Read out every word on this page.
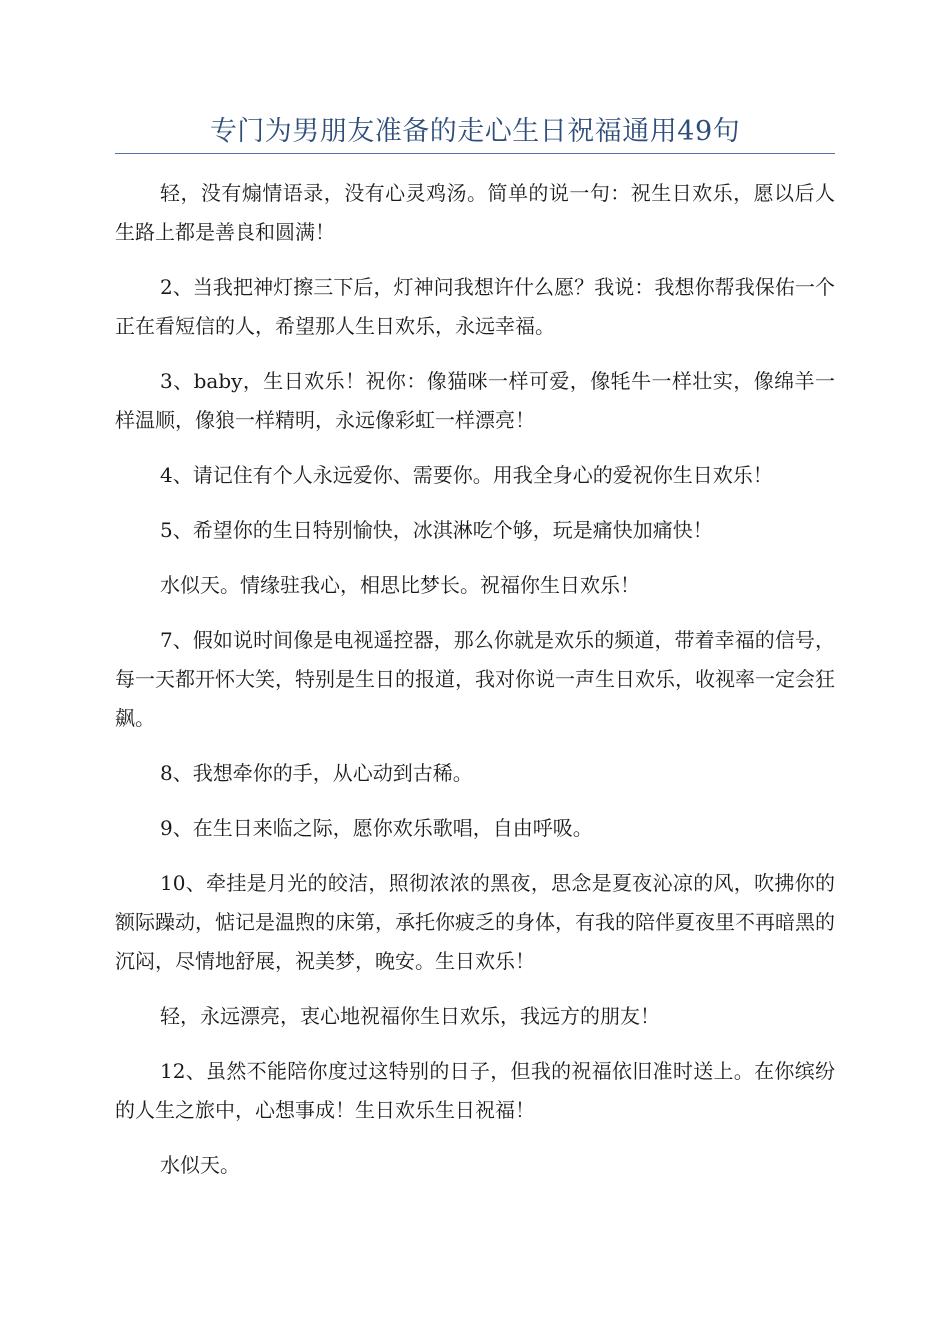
专门为男朋友准备的走心生日祝福通用49句

轻，没有煽情语录，没有心灵鸡汤。简单的说一句：祝生日欢乐，愿以后人生路上都是善良和圆满！

2、当我把神灯擦三下后，灯神问我想许什么愿？我说：我想你帮我保佑一个正在看短信的人，希望那人生日欢乐，永远幸福。

3、baby，生日欢乐！祝你：像猫咪一样可爱，像牦牛一样壮实，像绵羊一样温顺，像狼一样精明，永远像彩虹一样漂亮！

4、请记住有个人永远爱你、需要你。用我全身心的爱祝你生日欢乐！

5、希望你的生日特别愉快，冰淇淋吃个够，玩是痛快加痛快！

水似天。情缘驻我心，相思比梦长。祝福你生日欢乐！

7、假如说时间像是电视遥控器，那么你就是欢乐的频道，带着幸福的信号，每一天都开怀大笑，特别是生日的报道，我对你说一声生日欢乐，收视率一定会狂飙。

8、我想牵你的手，从心动到古稀。

9、在生日来临之际，愿你欢乐歌唱，自由呼吸。

10、牵挂是月光的皎洁，照彻浓浓的黑夜，思念是夏夜沁凉的风，吹拂你的额际躁动，惦记是温煦的床第，承托你疲乏的身体，有我的陪伴夏夜里不再暗黑的沉闷，尽情地舒展，祝美梦，晚安。生日欢乐！

轻，永远漂亮，衷心地祝福你生日欢乐，我远方的朋友！

12、虽然不能陪你度过这特别的日子，但我的祝福依旧准时送上。在你缤纷的人生之旅中，心想事成！生日欢乐生日祝福！

水似天。
